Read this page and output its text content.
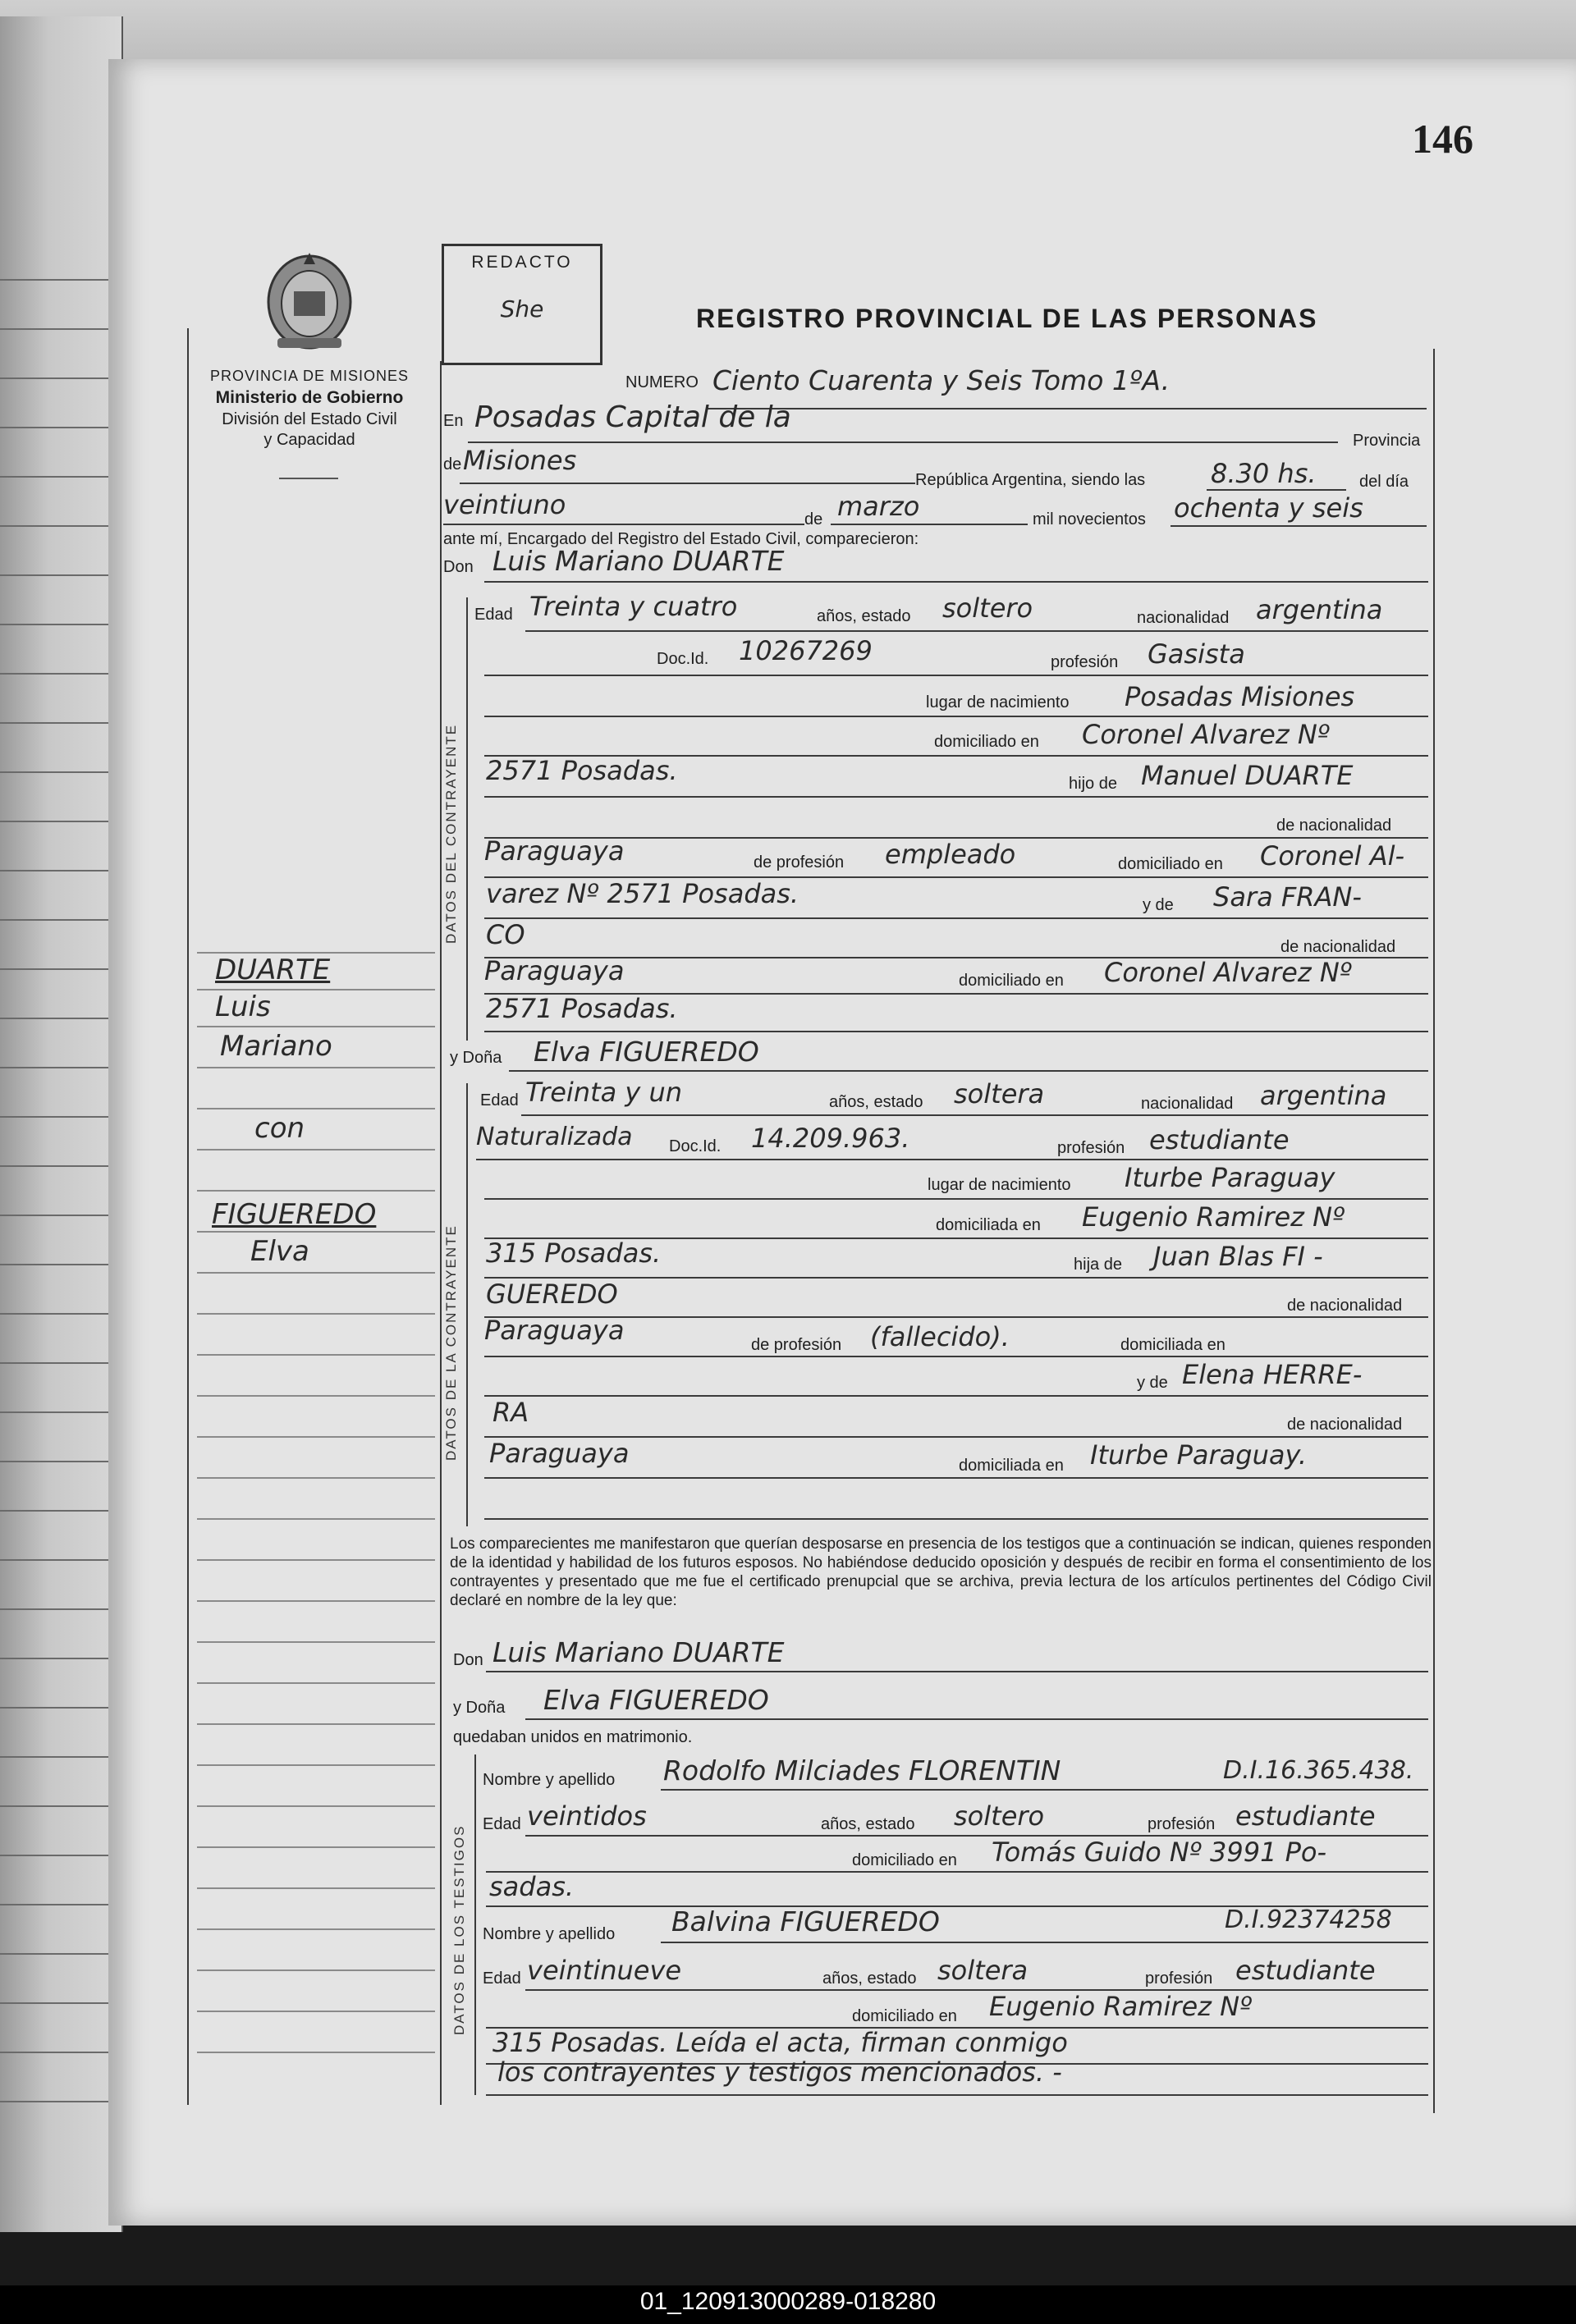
146
REDACTO
She
PROVINCIA DE MISIONES
Ministerio de Gobierno
División del Estado Civil
y Capacidad
REGISTRO PROVINCIAL DE LAS PERSONAS
DUARTE
Luis
Mariano
con
FIGUEREDO
Elva
NUMERO Ciento Cuarenta y Seis Tomo 1ºA.
En Posadas Capital de la
Provincia
de Misiones
República Argentina, siendo las 8.30 hs.	del día
veintiuno	de marzo	mil novecientos ochenta y seis
ante mí, Encargado del Registro del Estado Civil, comparecieron:
Don Luis Mariano DUARTE
DATOS DEL CONTRAYENTE
Edad Treinta y cuatro	años, estado soltero	nacionalidad argentina
Doc.Id. 10267269	profesión Gasista
lugar de nacimiento Posadas Misiones
domiciliado en Coronel Alvarez Nº
2571 Posadas.	hijo de Manuel DUARTE
de nacionalidad
Paraguaya	de profesión empleado	domiciliado en Coronel Al-
varez Nº 2571 Posadas.	y de Sara FRAN-
CO	de nacionalidad
Paraguaya	domiciliado en Coronel Alvarez Nº
2571 Posadas.
y Doña Elva FIGUEREDO
DATOS DE LA CONTRAYENTE
Edad Treinta y un	años, estado soltera	nacionalidad argentina
Naturalizada Doc.Id. 14.209.963.	profesión estudiante
lugar de nacimiento Iturbe Paraguay
domiciliada en Eugenio Ramirez Nº
315 Posadas.	hija de Juan Blas FI -
GUEREDO	de nacionalidad
Paraguaya	de profesión (fallecido).	domiciliada en
y de Elena HERRE-
RA	de nacionalidad
Paraguaya	domiciliada en Iturbe Paraguay.
Los comparecientes me manifestaron que querían desposarse en presencia de los testigos que a continuación se indican, quienes responden de la identidad y habilidad de los futuros esposos. No habiéndose deducido oposición y después de recibir en forma el consentimiento de los contrayentes y presentado que me fue el certificado prenupcial que se archiva, previa lectura de los artículos pertinentes del Código Civil declaré en nombre de la ley que:
Don Luis Mariano DUARTE
y Doña Elva FIGUEREDO
quedaban unidos en matrimonio.
DATOS DE LOS TESTIGOS
Nombre y apellido Rodolfo Milciades FLORENTIN	D.I.16.365.438.
Edad veintidos	años, estado soltero	profesión estudiante
domiciliado en Tomás Guido Nº 3991 Po-
sadas.
Nombre y apellido Balvina FIGUEREDO	D.I.92374258
Edad veintinueve	años, estado soltera	profesión estudiante
domiciliado en Eugenio Ramirez Nº
315 Posadas. Leída el acta, firman conmigo
los contrayentes y testigos mencionados. -
01_120913000289-018280
